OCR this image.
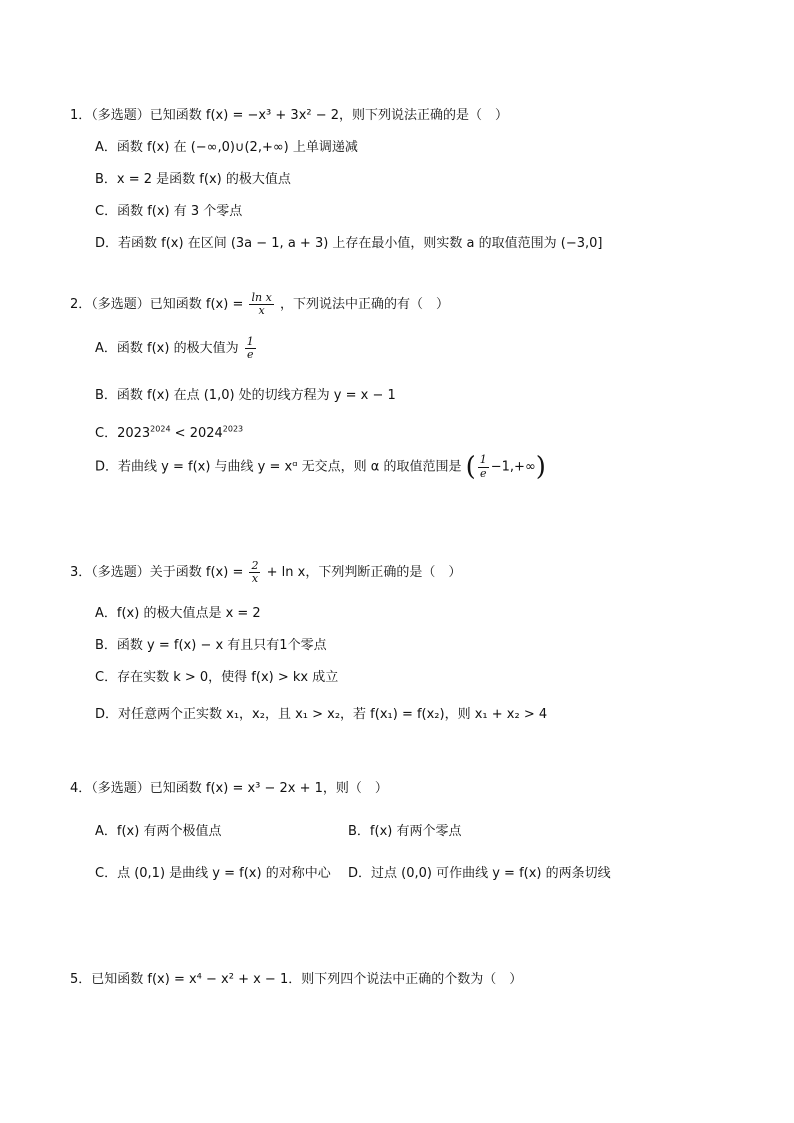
1．（多选题）已知函数 f(x) = −x³ + 3x² − 2，则下列说法正确的是（　）
A．函数 f(x) 在 (−∞,0)∪(2,+∞) 上单调递减
B．x = 2 是函数 f(x) 的极大值点
C．函数 f(x) 有 3 个零点
D．若函数 f(x) 在区间 (3a − 1, a + 3) 上存在最小值，则实数 a 的取值范围为 (−3,0]
2．（多选题）已知函数 $f(x) = \frac{\text{ln x}}{x}$ ，下列说法中正确的有（　）
A．函数 f(x) 的极大值为 $\frac{1}{e}$
B．函数 f(x) 在点 (1,0) 处的切线方程为 y = x − 1
C．$2023^{2024} < 2024^{2023}$
D．若曲线 y = f(x) 与曲线 y = xᵅ 无交点，则 α 的取值范围是 ( $\frac{1}{e} -1,+\infty$)
3．（多选题）关于函数 $f(x) = \frac{2}{x} + \ln x$，下列判断正确的是（　）
A．f(x) 的极大值点是 x = 2
B．函数 y = f(x) − x 有且只有1个零点
C．存在实数 k > 0，使得 f(x) > kx 成立
D．对任意两个正实数 x₁，x₂，且 x₁ > x₂，若 f(x₁) = f(x₂)，则 x₁ + x₂ > 4
4．（多选题）已知函数 f(x) = x³ − 2x + 1，则（　）
A．f(x) 有两个极值点	B．f(x) 有两个零点
C．点 (0,1) 是曲线 y = f(x) 的对称中心 D．过点 (0,0) 可作曲线 y = f(x) 的两条切线
5．已知函数 f(x) = x⁴ − x² + x − 1．则下列四个说法中正确的个数为（　）
